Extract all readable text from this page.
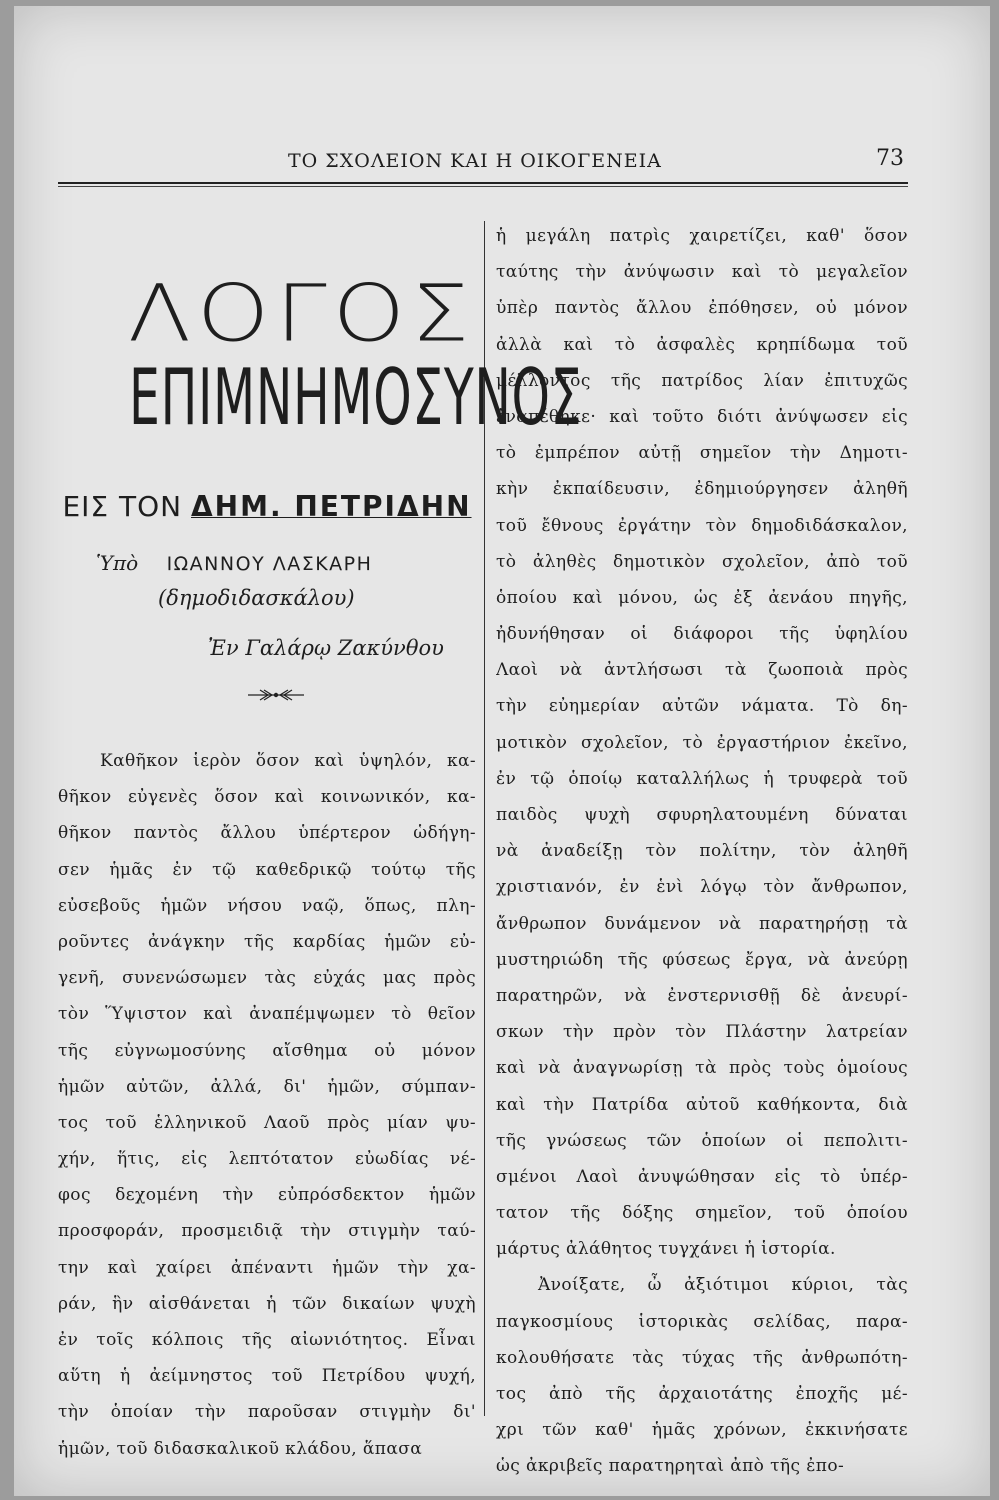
ΤΟ ΣΧΟΛΕΙΟΝ ΚΑΙ Η ΟΙΚΟΓΕΝΕΙΑ	73
ΛΟΓΟΣ
ΕΠΙΜΝΗΜΟΣΥΝΟΣ
ΕΙΣ ΤΟΝ ΔΗΜ. ΠΕΤΡΙΔΗΝ
Ὑπὸ ΙΩΑΝΝΟΥ ΛΑΣΚΑΡΗ
(δημοδιδασκάλου)
Ἐν Γαλάρῳ Ζακύνθου
Καθῆκον ἱερὸν ὅσον καὶ ὑψηλόν, κα-
θῆκον εὐγενὲς ὅσον καὶ κοινωνικόν, κα-
θῆκον παντὸς ἄλλου ὑπέρτερον ὡδήγη-
σεν ἡμᾶς ἐν τῷ καθεδρικῷ τούτῳ τῆς
εὐσεβοῦς ἡμῶν νήσου ναῷ, ὅπως, πλη-
ροῦντες ἀνάγκην τῆς καρδίας ἡμῶν εὐ-
γενῆ, συνενώσωμεν τὰς εὐχάς μας πρὸς
τὸν Ὕψιστον καὶ ἀναπέμψωμεν τὸ θεῖον
τῆς εὐγνωμοσύνης αἴσθημα οὐ μόνον
ἡμῶν αὐτῶν, ἀλλά, δι' ἡμῶν, σύμπαν-
τος τοῦ ἑλληνικοῦ Λαοῦ πρὸς μίαν ψυ-
χήν, ἥτις, εἰς λεπτότατον εὐωδίας νέ-
φος δεχομένη τὴν εὐπρόσδεκτον ἡμῶν
προσφοράν, προσμειδιᾷ τὴν στιγμὴν ταύ-
την καὶ χαίρει ἀπέναντι ἡμῶν τὴν χα-
ράν, ἣν αἰσθάνεται ἡ τῶν δικαίων ψυχὴ
ἐν τοῖς κόλποις τῆς αἰωνιότητος. Εἶναι
αὕτη ἡ ἀείμνηστος τοῦ Πετρίδου ψυχή,
τὴν ὁποίαν τὴν παροῦσαν στιγμὴν δι'
ἡμῶν, τοῦ διδασκαλικοῦ κλάδου, ἅπασα
ἡ μεγάλη πατρὶς χαιρετίζει, καθ' ὅσον
ταύτης τὴν ἀνύψωσιν καὶ τὸ μεγαλεῖον
ὑπὲρ παντὸς ἄλλου ἐπόθησεν, οὐ μόνον
ἀλλὰ καὶ τὸ ἀσφαλὲς κρηπίδωμα τοῦ
μέλλοντος τῆς πατρίδος λίαν ἐπιτυχῶς
ἐναπέθηκε· καὶ τοῦτο διότι ἀνύψωσεν εἰς
τὸ ἐμπρέπον αὐτῇ σημεῖον τὴν Δημοτι-
κὴν ἐκπαίδευσιν, ἐδημιούργησεν ἀληθῆ
τοῦ ἔθνους ἐργάτην τὸν δημοδιδάσκαλον,
τὸ ἀληθὲς δημοτικὸν σχολεῖον, ἀπὸ τοῦ
ὁποίου καὶ μόνου, ὡς ἐξ ἀενάου πηγῆς,
ἠδυνήθησαν οἱ διάφοροι τῆς ὑφηλίου
Λαοὶ νὰ ἀντλήσωσι τὰ ζωοποιὰ πρὸς
τὴν εὐημερίαν αὐτῶν νάματα. Τὸ δη-
μοτικὸν σχολεῖον, τὸ ἐργαστήριον ἐκεῖνο,
ἐν τῷ ὁποίῳ καταλλήλως ἡ τρυφερὰ τοῦ
παιδὸς ψυχὴ σφυρηλατουμένη δύναται
νὰ ἀναδείξῃ τὸν πολίτην, τὸν ἀληθῆ
χριστιανόν, ἐν ἑνὶ λόγῳ τὸν ἄνθρωπον,
ἄνθρωπον δυνάμενον νὰ παρατηρήσῃ τὰ
μυστηριώδη τῆς φύσεως ἔργα, νὰ ἀνεύρῃ
παρατηρῶν, νὰ ἐνστερνισθῇ δὲ ἀνευρί-
σκων τὴν πρὸν τὸν Πλάστην λατρείαν
καὶ νὰ ἀναγνωρίσῃ τὰ πρὸς τοὺς ὁμοίους
καὶ τὴν Πατρίδα αὐτοῦ καθήκοντα, διὰ
τῆς γνώσεως τῶν ὁποίων οἱ πεπολιτι-
σμένοι Λαοὶ ἀνυψώθησαν εἰς τὸ ὑπέρ-
τατον τῆς δόξης σημεῖον, τοῦ ὁποίου
μάρτυς ἀλάθητος τυγχάνει ἡ ἱστορία.
Ἀνοίξατε, ὦ ἀξιότιμοι κύριοι, τὰς
παγκοσμίους ἱστορικὰς σελίδας, παρα-
κολουθήσατε τὰς τύχας τῆς ἀνθρωπότη-
τος ἀπὸ τῆς ἀρχαιοτάτης ἐποχῆς μέ-
χρι τῶν καθ' ἡμᾶς χρόνων, ἐκκινήσατε
ὡς ἀκριβεῖς παρατηρηταὶ ἀπὸ τῆς ἐπο-
